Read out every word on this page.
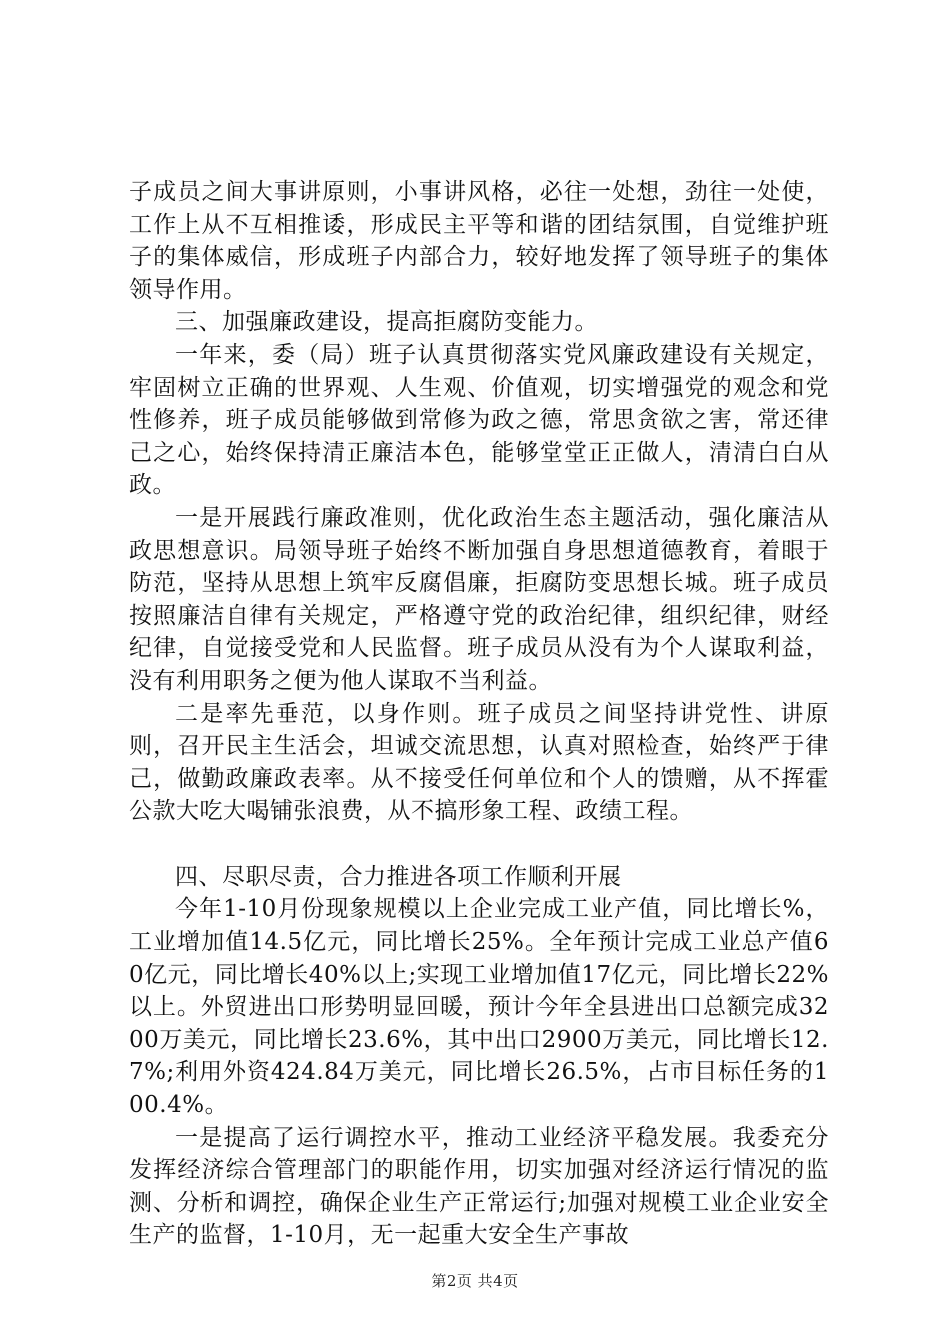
子成员之间大事讲原则，小事讲风格，必往一处想，劲往一处使，工作上从不互相推诿，形成民主平等和谐的团结氛围，自觉维护班子的集体威信，形成班子内部合力，较好地发挥了领导班子的集体领导作用。

三、加强廉政建设，提高拒腐防变能力。

一年来，委（局）班子认真贯彻落实党风廉政建设有关规定，牢固树立正确的世界观、人生观、价值观，切实增强党的观念和党性修养，班子成员能够做到常修为政之德，常思贪欲之害，常还律己之心，始终保持清正廉洁本色，能够堂堂正正做人，清清白白从政。

一是开展践行廉政准则，优化政治生态主题活动，强化廉洁从政思想意识。局领导班子始终不断加强自身思想道德教育，着眼于防范，坚持从思想上筑牢反腐倡廉，拒腐防变思想长城。班子成员按照廉洁自律有关规定，严格遵守党的政治纪律，组织纪律，财经纪律，自觉接受党和人民监督。班子成员从没有为个人谋取利益，没有利用职务之便为他人谋取不当利益。

二是率先垂范，以身作则。班子成员之间坚持讲党性、讲原则，召开民主生活会，坦诚交流思想，认真对照检查，始终严于律己，做勤政廉政表率。从不接受任何单位和个人的馈赠，从不挥霍公款大吃大喝铺张浪费，从不搞形象工程、政绩工程。

四、尽职尽责，合力推进各项工作顺利开展

今年1-10月份现象规模以上企业完成工业产值，同比增长%，工业增加值14.5亿元，同比增长25%。全年预计完成工业总产值60亿元，同比增长40%以上;实现工业增加值17亿元，同比增长22%以上。外贸进出口形势明显回暖，预计今年全县进出口总额完成3200万美元，同比增长23.6%，其中出口2900万美元，同比增长12.7%;利用外资424.84万美元，同比增长26.5%，占市目标任务的100.4%。

一是提高了运行调控水平，推动工业经济平稳发展。我委充分发挥经济综合管理部门的职能作用，切实加强对经济运行情况的监测、分析和调控，确保企业生产正常运行;加强对规模工业企业安全生产的监督，1-10月，无一起重大安全生产事故

第2页 共4页
